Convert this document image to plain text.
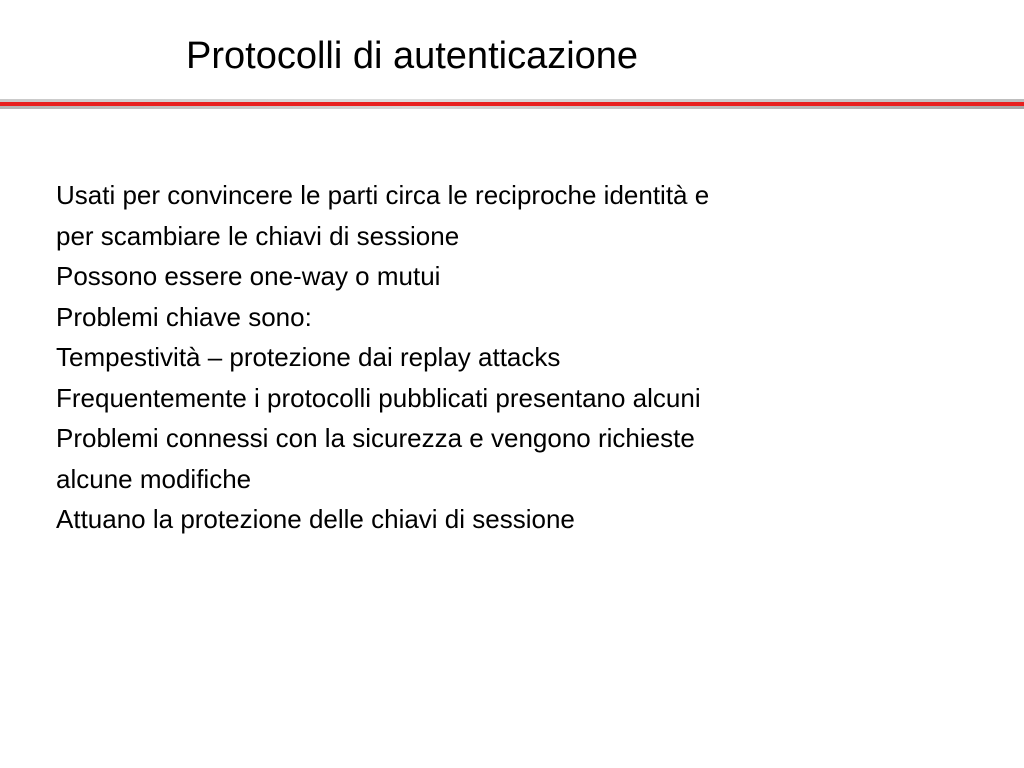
Protocolli di autenticazione
Usati per convincere le parti circa le reciproche identità e
per scambiare le chiavi di sessione
Possono essere one-way o mutui
Problemi chiave sono:
Tempestività – protezione dai replay attacks
Frequentemente i protocolli pubblicati presentano alcuni
Problemi connessi con la sicurezza e vengono richieste
alcune modifiche
Attuano la protezione delle chiavi di sessione
